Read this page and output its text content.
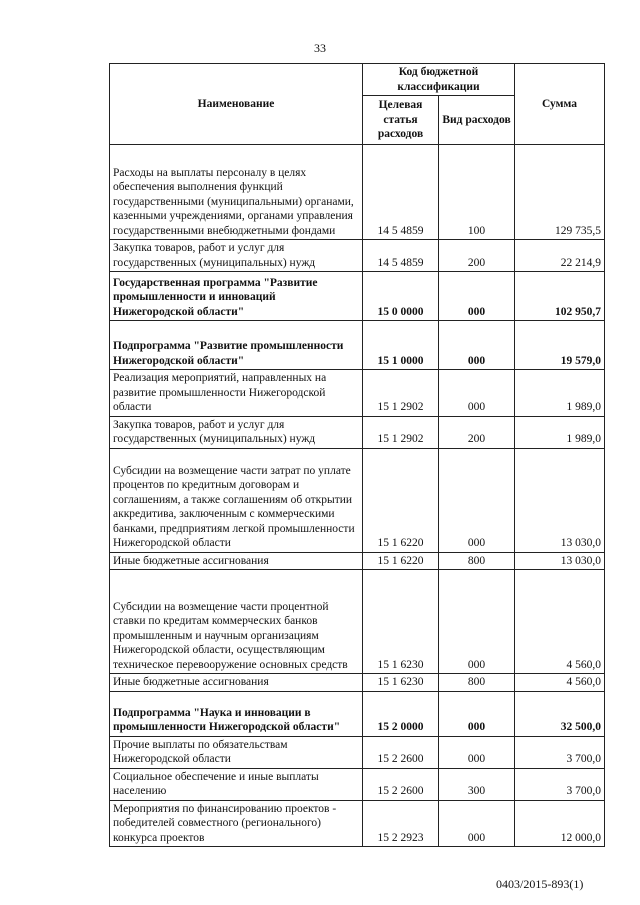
33
Наименование	Код бюджетной классификации		Сумма
	Целевая статья расходов	Вид расходов	
Расходы на выплаты персоналу в целях обеспечения выполнения функций государственными (муниципальными) органами, казенными учреждениями, органами управления государственными внебюджетными фондами	14 5 4859	100	129 735,5
Закупка товаров, работ и услуг для государственных (муниципальных) нужд	14 5 4859	200	22 214,9
Государственная программа "Развитие промышленности и инноваций Нижегородской области"	15 0 0000	000	102 950,7
Подпрограмма "Развитие промышленности Нижегородской области"	15 1 0000	000	19 579,0
Реализация мероприятий, направленных на развитие промышленности Нижегородской области	15 1 2902	000	1 989,0
Закупка товаров, работ и услуг для государственных (муниципальных) нужд	15 1 2902	200	1 989,0
Субсидии на возмещение части затрат по уплате процентов по кредитным договорам и соглашениям, а также соглашениям об открытии аккредитива, заключенным с коммерческими банками, предприятиям легкой промышленности Нижегородской области	15 1 6220	000	13 030,0
Иные бюджетные ассигнования	15 1 6220	800	13 030,0
Субсидии на возмещение части процентной ставки по кредитам коммерческих банков промышленным и научным организациям Нижегородской области, осуществляющим техническое перевооружение основных средств	15 1 6230	000	4 560,0
Иные бюджетные ассигнования	15 1 6230	800	4 560,0
Подпрограмма "Наука и инновации в промышленности Нижегородской области"	15 2 0000	000	32 500,0
Прочие выплаты по обязательствам Нижегородской области	15 2 2600	000	3 700,0
Социальное обеспечение и иные выплаты населению	15 2 2600	300	3 700,0
Мероприятия по финансированию проектов - победителей совместного (регионального) конкурса проектов	15 2 2923	000	12 000,0
0403/2015-893(1)
